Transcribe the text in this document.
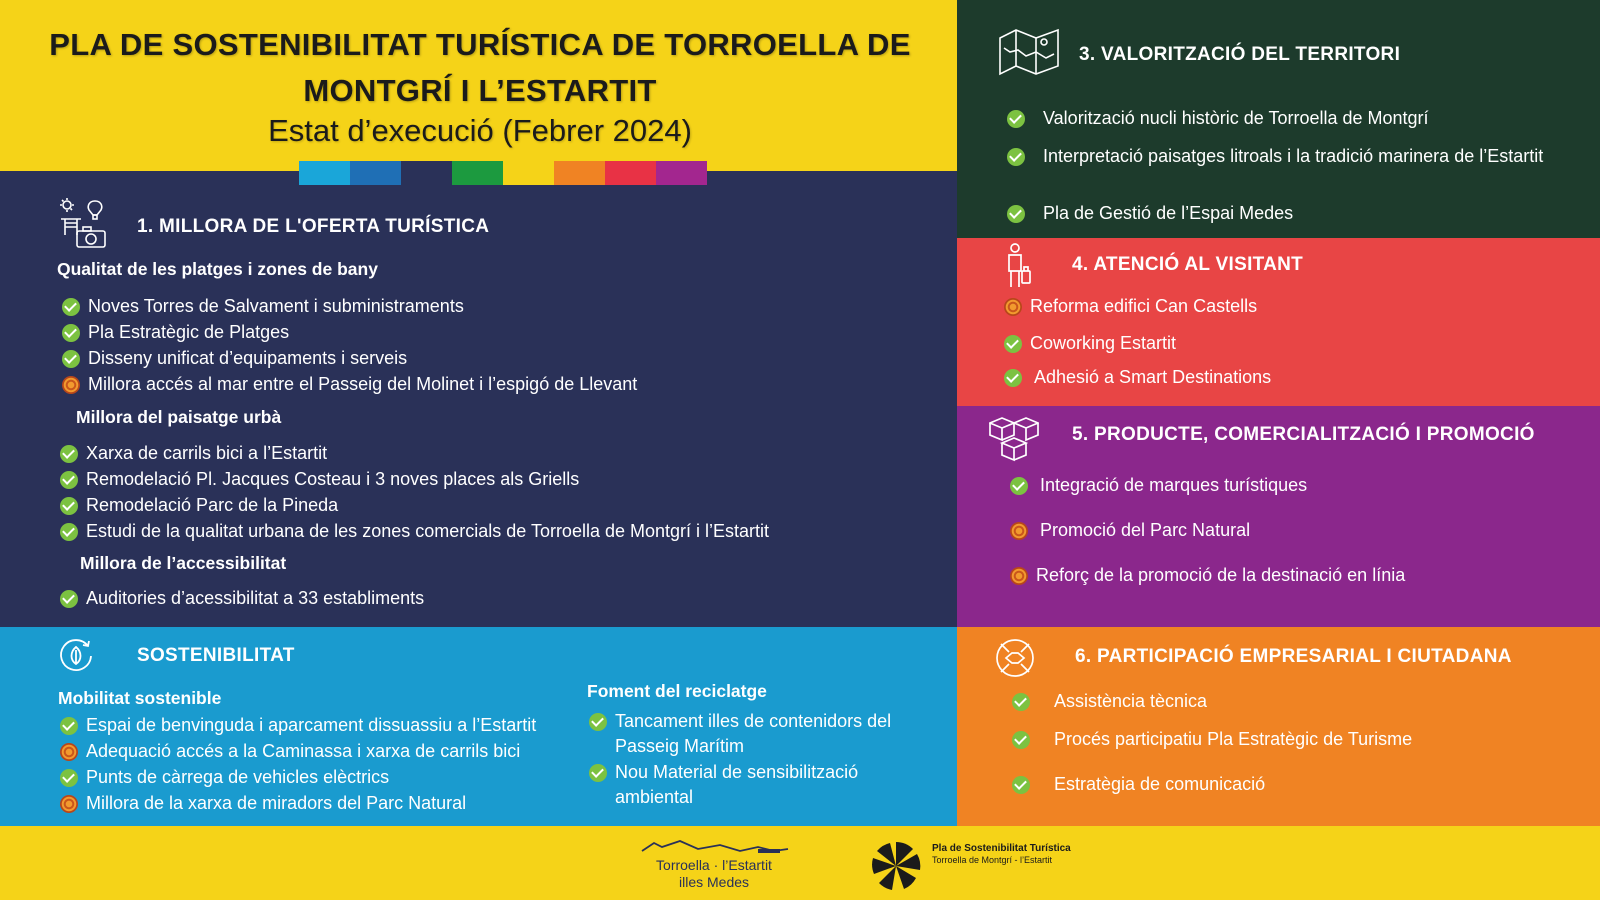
PLA DE SOSTENIBILITAT TURÍSTICA DE TORROELLA DE
MONTGRÍ I L’ESTARTIT
Estat d’execució (Febrer 2024)
1. MILLORA DE L'OFERTA TURÍSTICA
Qualitat de les platges i zones de bany
Noves Torres de Salvament i subministraments
Pla Estratègic de Platges
Disseny unificat d’equipaments i serveis
Millora accés al mar entre el Passeig del Molinet i l’espigó de Llevant
Millora del paisatge urbà
Xarxa de carrils bici a l’Estartit
Remodelació Pl. Jacques Costeau i 3 noves places als Griells
Remodelació Parc de la Pineda
Estudi de la qualitat urbana de les zones comercials de Torroella de Montgrí i l’Estartit
Millora de l’accessibilitat
Auditories d’acessibilitat a 33 establiments
SOSTENIBILITAT
Mobilitat sostenible
Espai de benvinguda i aparcament dissuassiu a l’Estartit
Adequació accés a la Caminassa i xarxa de carrils bici
Punts de càrrega de vehicles elèctrics
Millora de la xarxa de miradors del Parc Natural
Foment del reciclatge
Tancament illes de contenidors del Passeig Marítim
Nou Material de sensibilització ambiental
3. VALORITZACIÓ DEL TERRITORI
Valorització nucli històric de Torroella de Montgrí
Interpretació paisatges litroals i la tradició marinera de l’Estartit
Pla de Gestió de l’Espai Medes
4. ATENCIÓ AL VISITANT
Reforma edifici Can Castells
Coworking Estartit
Adhesió a Smart Destinations
5. PRODUCTE, COMERCIALITZACIÓ I PROMOCIÓ
Integració de marques turístiques
Promoció del Parc Natural
Reforç de la promoció de la destinació en línia
6. PARTICIPACIÓ EMPRESARIAL I CIUTADANA
Assistència tècnica
Procés participatiu Pla Estratègic de Turisme
Estratègia de comunicació
Torroella · l’Estartit
illes Medes
Pla de Sostenibilitat Turística
Torroella de Montgrí - l’Estartit
